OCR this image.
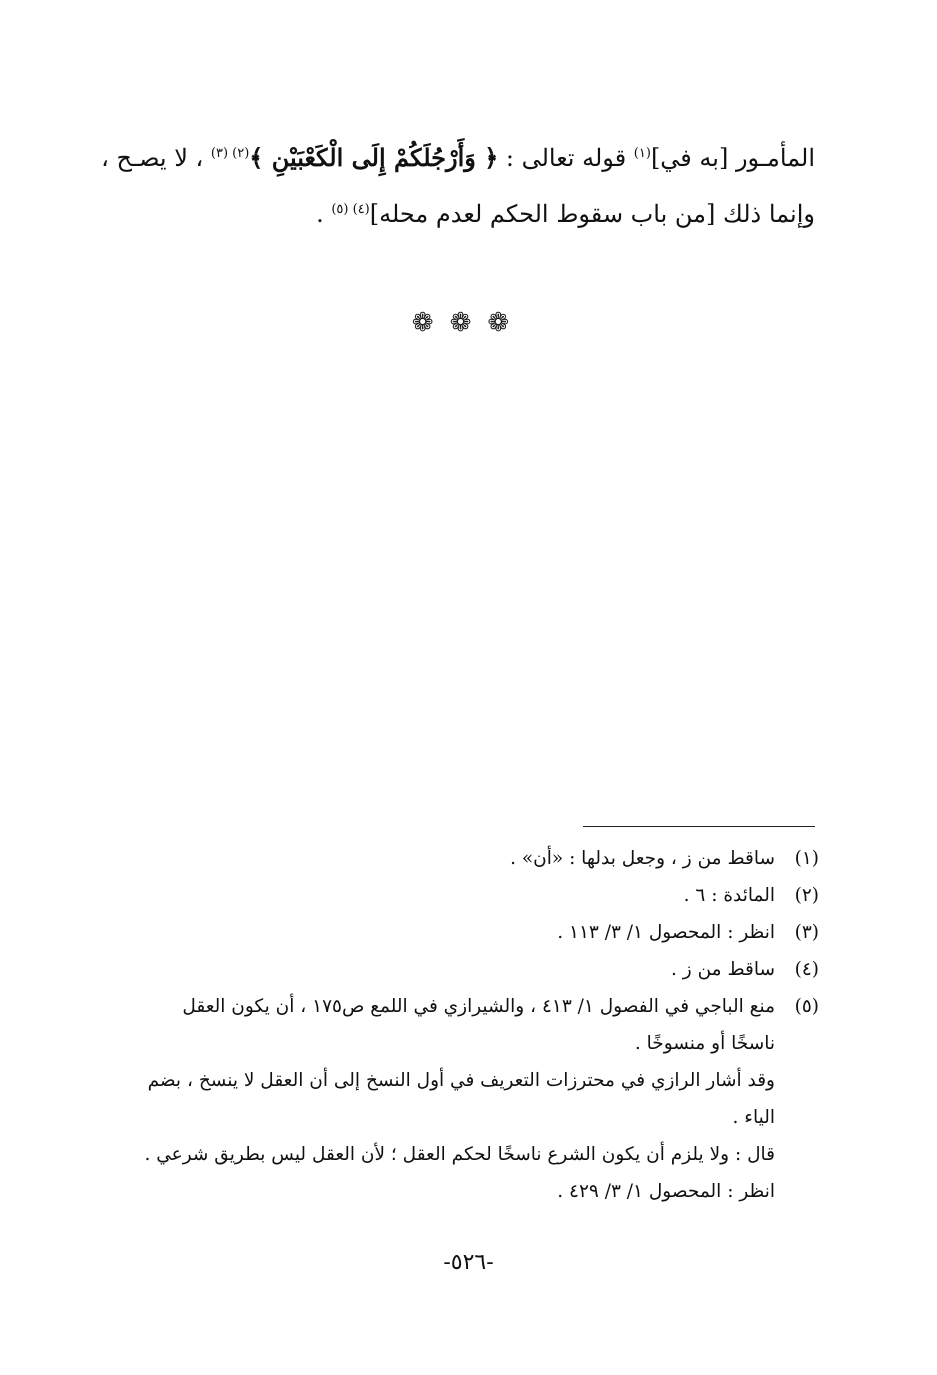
المأمـور [به في]$^{(١)}$ قوله تعالى : ﴿ وَأَرْجُلَكُمْ إِلَى الْكَعْبَيْنِ ﴾$^{(٢) (٣)}$ ، لا يصـح ،

وإنما ذلك [من باب سقوط الحكم لعدم محله]$^{(٤) (٥)}$ .

❁❁❁

(١)
ساقط من ز ، وجعل بدلها : «أن» .

(٢)
المائدة : ٦ .

(٣)
انظر : المحصول ١/ ٣/ ١١٣ .

(٤)
ساقط من ز .

(٥)
منع الباجي في الفصول ١/ ٤١٣ ، والشيرازي في اللمع ص١٧٥ ، أن يكون العقل
ناسخًا أو منسوخًا .
وقد أشار الرازي في محترزات التعريف في أول النسخ إلى أن العقل لا ينسخ ، بضم
الياء .
قال : ولا يلزم أن يكون الشرع ناسخًا لحكم العقل ؛ لأن العقل ليس بطريق شرعي .
انظر : المحصول ١/ ٣/ ٤٢٩ .

-٥٢٦-
